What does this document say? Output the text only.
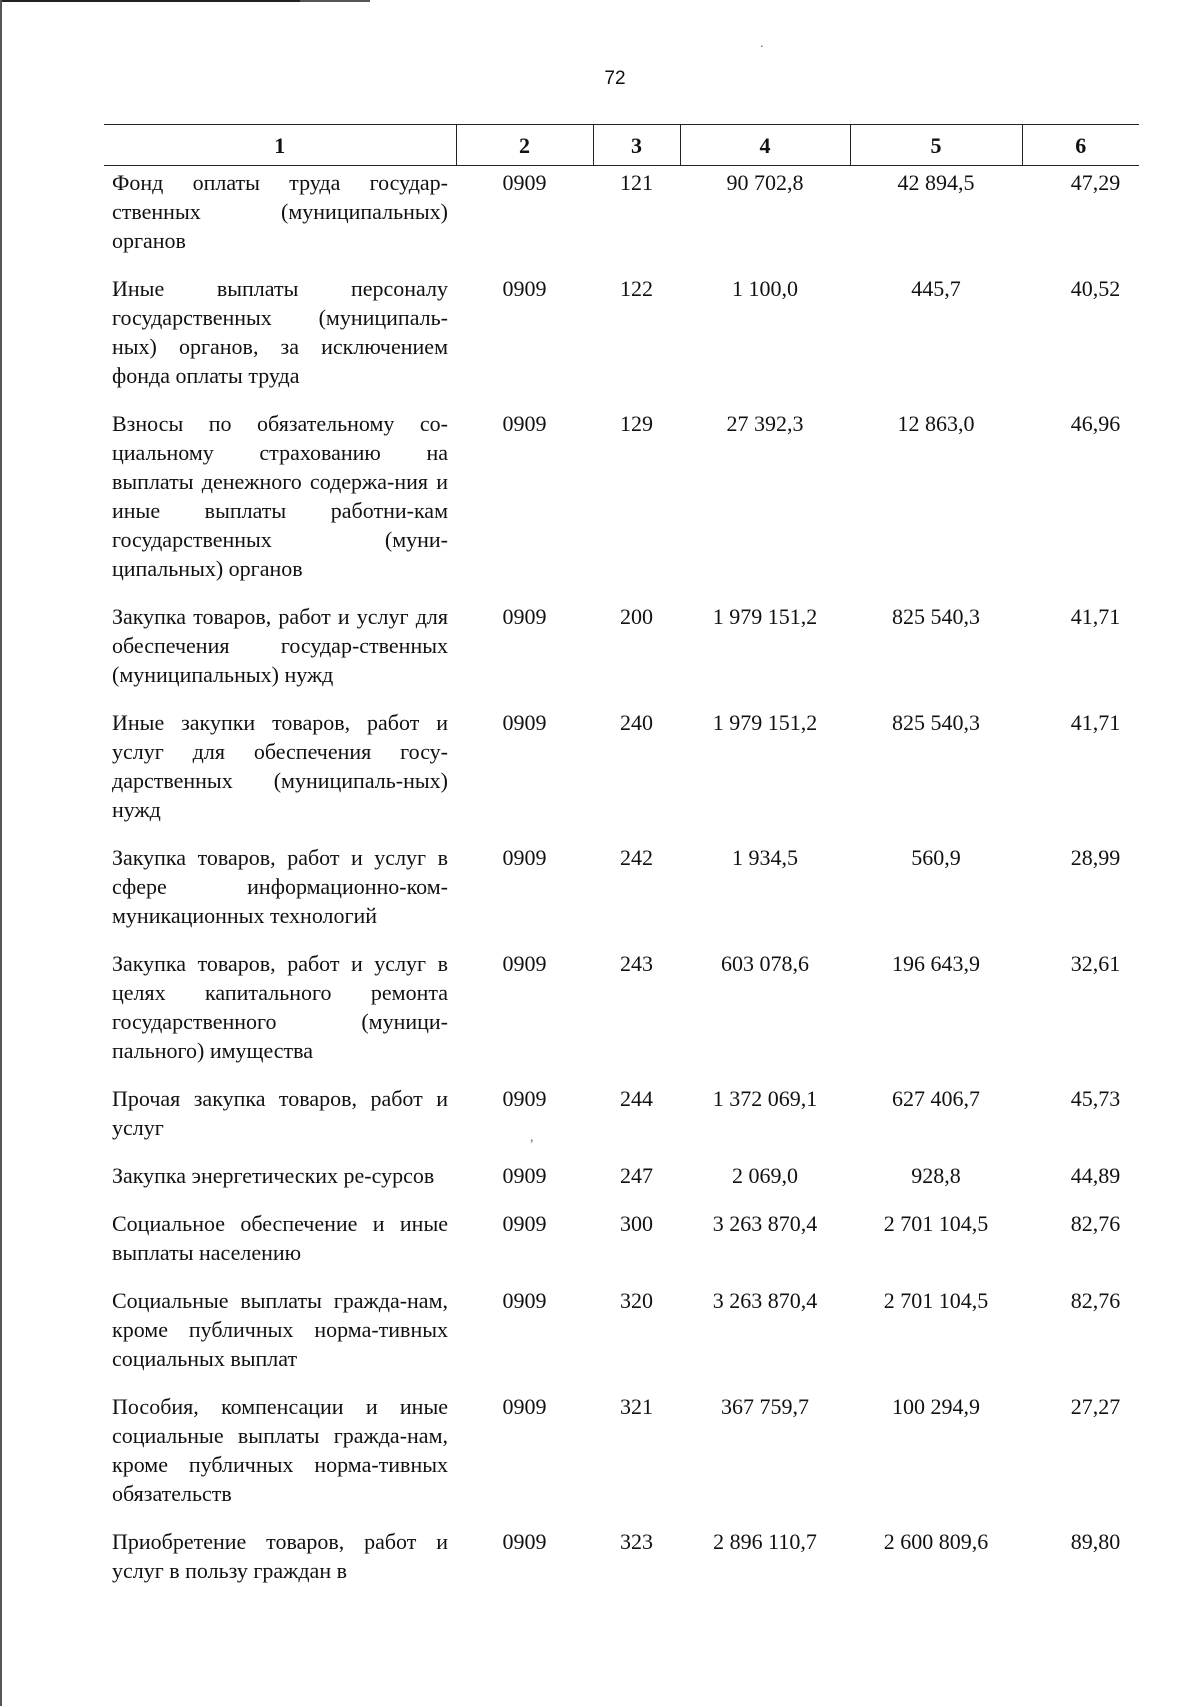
72
1	2	3	4	5	6
Фонд оплаты труда государ-ственных (муниципальных) органов	0909	121	90 702,8	42 894,5	47,29
Иные выплаты персоналу государственных (муниципаль-ных) органов, за исключением фонда оплаты труда	0909	122	1 100,0	445,7	40,52
Взносы по обязательному со-циальному страхованию на выплаты денежного содержа-ния и иные выплаты работни-кам государственных (муни-ципальных) органов	0909	129	27 392,3	12 863,0	46,96
Закупка товаров, работ и услуг для обеспечения государ-ственных (муниципальных) нужд	0909	200	1 979 151,2	825 540,3	41,71
Иные закупки товаров, работ и услуг для обеспечения госу-дарственных (муниципаль-ных) нужд	0909	240	1 979 151,2	825 540,3	41,71
Закупка товаров, работ и услуг в сфере информационно-ком-муникационных технологий	0909	242	1 934,5	560,9	28,99
Закупка товаров, работ и услуг в целях капитального ремонта государственного (муници-пального) имущества	0909	243	603 078,6	196 643,9	32,61
Прочая закупка товаров, работ и услуг	0909	244	1 372 069,1	627 406,7	45,73
Закупка энергетических ре-сурсов	0909	247	2 069,0	928,8	44,89
Социальное обеспечение и иные выплаты населению	0909	300	3 263 870,4	2 701 104,5	82,76
Социальные выплаты гражда-нам, кроме публичных норма-тивных социальных выплат	0909	320	3 263 870,4	2 701 104,5	82,76
Пособия, компенсации и иные социальные выплаты гражда-нам, кроме публичных норма-тивных обязательств	0909	321	367 759,7	100 294,9	27,27
Приобретение товаров, работ и услуг в пользу граждан в	0909	323	2 896 110,7	2 600 809,6	89,80
.
,
